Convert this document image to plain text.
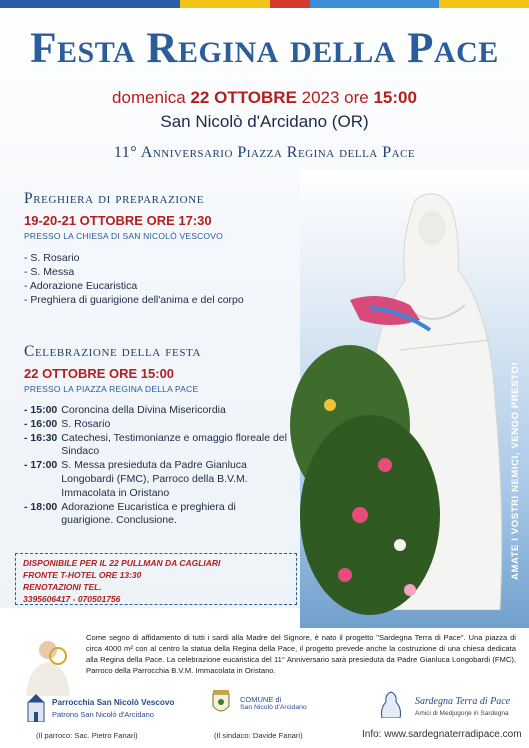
Festa Regina della Pace
domenica 22 OTTOBRE 2023 ore 15:00
San Nicolò d'Arcidano (OR)
11° Anniversario Piazza Regina della Pace
Preghiera di preparazione
19-20-21 OTTOBRE ORE 17:30
PRESSO LA CHIESA DI SAN NICOLÒ VESCOVO
- S. Rosario
- S. Messa
- Adorazione Eucaristica
- Preghiera di guarigione dell'anima e del corpo
Celebrazione della festa
22 OTTOBRE ORE 15:00
PRESSO LA PIAZZA REGINA DELLA PACE
- 15:00 Coroncina della Divina Misericordia
- 16:00 S. Rosario
- 16:30 Catechesi, Testimonianze e omaggio floreale del Sindaco
- 17:00 S. Messa presieduta da Padre Gianluca Longobardi (FMC), Parroco della B.V.M. Immacolata in Oristano
- 18:00 Adorazione Eucaristica e preghiera di guarigione. Conclusione.
DISPONIBILE PER IL 22 PULLMAN DA CAGLIARI
FRONTE T-HOTEL ORE 13:30
RENOTAZIONI TEL.
3395606417 - 070501756
AMATE I VOSTRI NEMICI, VENGO PRESTO!
Come segno di affidamento di tutti i sardi alla Madre del Signore, è nato il progetto "Sardegna Terra di Pace". Una piazza di circa 4000 m² con al centro la statua della Regina della Pace, il progetto prevede anche la costruzione di una chiesa dedicata alla Regina della Pace. La celebrazione eucaristica del 11° Anniversario sarà presieduta da Padre Gianluca Longobardi (FMC), Parroco della Parrocchia B.V.M. Immacolata in Oristano.
Parrocchia San Nicolò Vescovo
Patrono San Nicolò d'Arcidano
COMUNE di
San Nicolò d'Arcidano
Sardegna Terra di Pace
Amici di Medjugorje in Sardegna
(Il parroco: Sac. Pietro Fanari)	(Il sindaco: Davide Fanari)	Info: www.sardegnaterradipace.com
